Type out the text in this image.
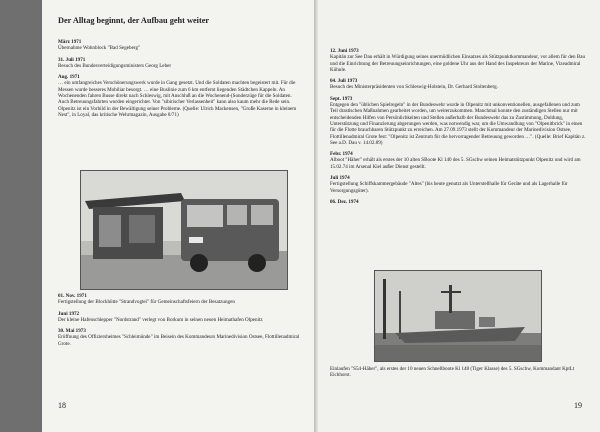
Der Alltag beginnt, der Aufbau geht weiter
März 1971
Übernahme Wohnblock "Bad Segeberg"
31. Juli 1971
Besuch des Bundesverteidigungsministers Georg Leber
Aug. 1971
… ein umfangreiches Verschönerungswerk wurde in Gang gesetzt. Und die Soldaten machten begeistert mit. Für die Messen wurde besseres Mobiliar besorgt. … eine Buslinie zum 6 km entfernt liegenden Städtchen Kappeln. An Wochenenden fahren Busse direkt nach Schleswig, mit Anschluß an die Wochenend-(Sonderzüge für die Soldaten. Auch Betreuungsfahrten wurden eingerichtet. Von "sibirischer Verlassenheit" kann also kaum mehr die Rede sein. Olpenitz ist ein Vorbild in der Bewältigung seiner Probleme. (Quelle: Ulrich Mackensen, "Große Kaserne in kleinem Nest", in Loyal, das kritische Wehrmagazin, Ausgabe 8/71)
01. Nov. 1971
Fertigstellung der Blockhütte "Strandvogtei" für Gemeinschaftsfeiern der Besatzungen
Juni 1972
Der kleine Hafenschlepper "Nordstrand" verlegt von Borkum in seinen neuen Heimathafen Olpenitz
30. Mai 1973
Eröffnung des Offiziersheimes "Schleimünde" im Beisein des Kommandeurs Marinedivision Ostsee, Flottillenadmiral Grote.
18
12. Juni 1973
Kapitän zur See Dau erhält in Würdigung seines unermüdlichen Einsatzes als Stützpunktkommandeur, vor allem für den Bau und die Einrichtung der Betreuungseinrichtungen, eine goldene Uhr aus der Hand des Inspekteurs der Marine, Vizeadmiral Kühnle.
04. Juli 1973
Besuch des Ministerpräsidenten von Schleswig-Holstein, Dr. Gerhard Stoltenberg.
Sept. 1973
Entgegen den "üblichen Spielregeln" in der Bundeswehr wurde in Olpenitz mit unkonventionellen, ausgefallenen und zum Teil drastischen Maßnahmen gearbeitet worden, um weiterzukommen. Manchmal konnte den zuständigen Stellen nur mit entscheidenden Hilfen von Persönlichkeiten und Stellen außerhalb der Bundeswehr das zu Zustimmung, Duldung, Unterstützung und Finanzierung abgerungen werden, was notwendig war, um die Umwandlung von "Olpenitbrick" in einen für die Flotte brauchbaren Stützpunkt zu erreichen. Am 27.09.1973 stellt der Kommandeur der Marinedivision Ostsee, Flottillenadmiral Grote fest: "Olpenitz ist Zentrum für die hervorragender Betreuung geworden …". (Quelle: Brief Kapitän z. See a.D. Dau v. 14.02.89)
Febr. 1974
Alboot "Häher" erhält als erstes der 10 alten SBoote Kl 140 des 5. SGschw seinen Heimatstützpunkt Olpenitz und wird am 15.02.74 im Arsenal Kiel außer Dienst gestellt.
Juli 1974
Fertigstellung Schiffskammergebäude "Altes" (bis heute genutzt als Unterstellhalle für Geräte und als Lagerhalle für Versorgungsgüter).
06. Dez. 1974
Einlaufen "S54-Häher", als erstes der 10 neuen Schnellboote Kl 148 (Tiger Klasse) des 5. SGschw, Kommandant KptLt Eichhorst.
19
